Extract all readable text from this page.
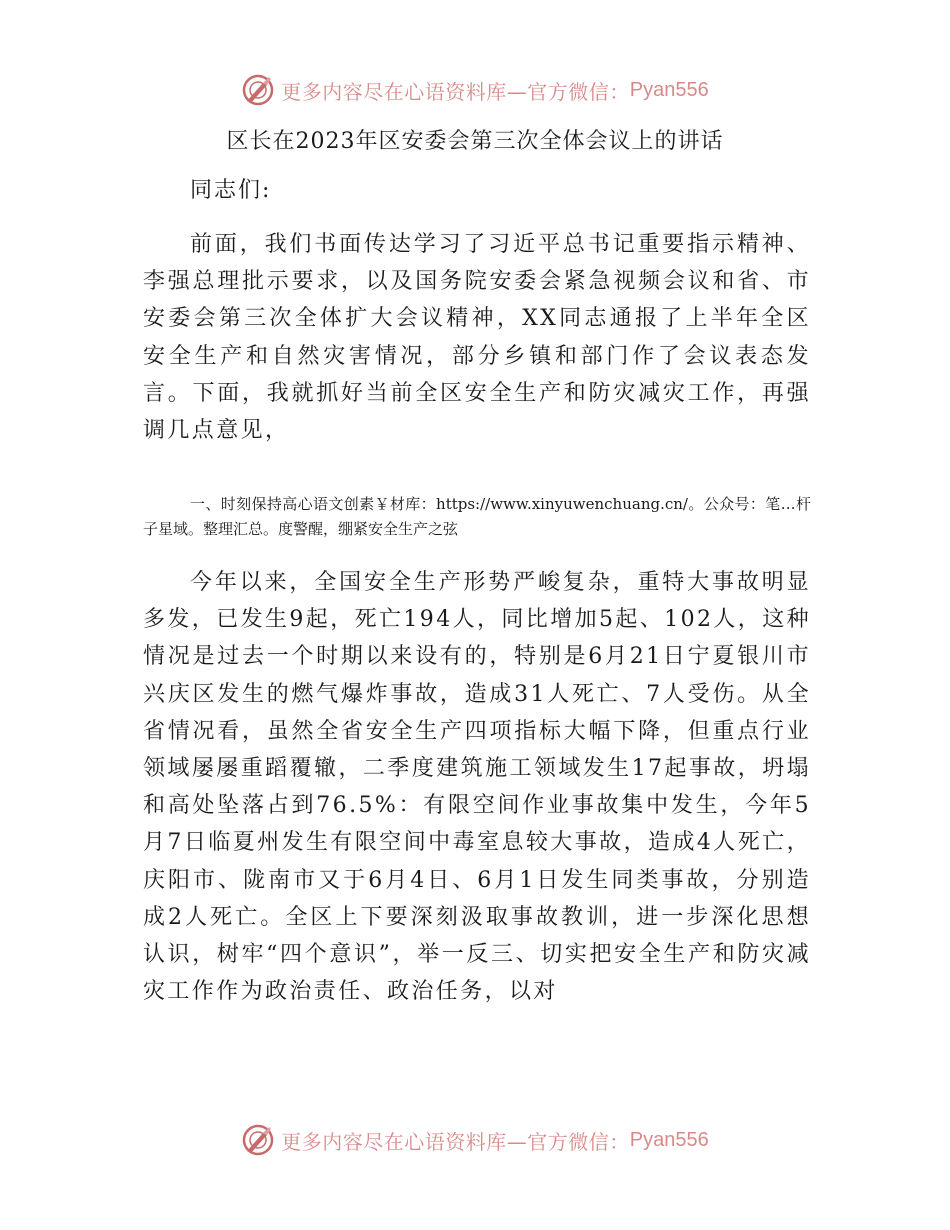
更多内容尽在心语资料库—官方微信： Pyan556
区长在2023年区安委会第三次全体会议上的讲话
同志们:

前面，我们书面传达学习了习近平总书记重要指示精神、李强总理批示要求，以及国务院安委会紧急视频会议和省、市安委会第三次全体扩大会议精神，XX同志通报了上半年全区安全生产和自然灾害情况，部分乡镇和部门作了会议表态发言。下面，我就抓好当前全区安全生产和防灾减灾工作，再强调几点意见，

一、时刻保持高心语文创素￥材库：https://www.xinyuwenchuang.cn/。公众号：笔…杆子星域。整理汇总。度警醒，绷紧安全生产之弦

今年以来，全国安全生产形势严峻复杂，重特大事故明显多发，已发生9起，死亡194人，同比增加5起、102人，这种情况是过去一个时期以来设有的，特别是6月21日宁夏银川市兴庆区发生的燃气爆炸事故，造成31人死亡、7人受伤。从全省情况看，虽然全省安全生产四项指标大幅下降，但重点行业领域屡屡重蹈覆辙，二季度建筑施工领域发生17起事故，坍塌和高处坠落占到76.5%：有限空间作业事故集中发生，今年5月7日临夏州发生有限空间中毒室息较大事故，造成4人死亡，庆阳市、陇南市又于6月4日、6月1日发生同类事故，分别造成2人死亡。全区上下要深刻汲取事故教训，进一步深化思想认识，树牢“四个意识”，举一反三、切实把安全生产和防灾减灾工作作为政治责任、政治任务，以对

更多内容尽在心语资料库—官方微信： Pyan556
